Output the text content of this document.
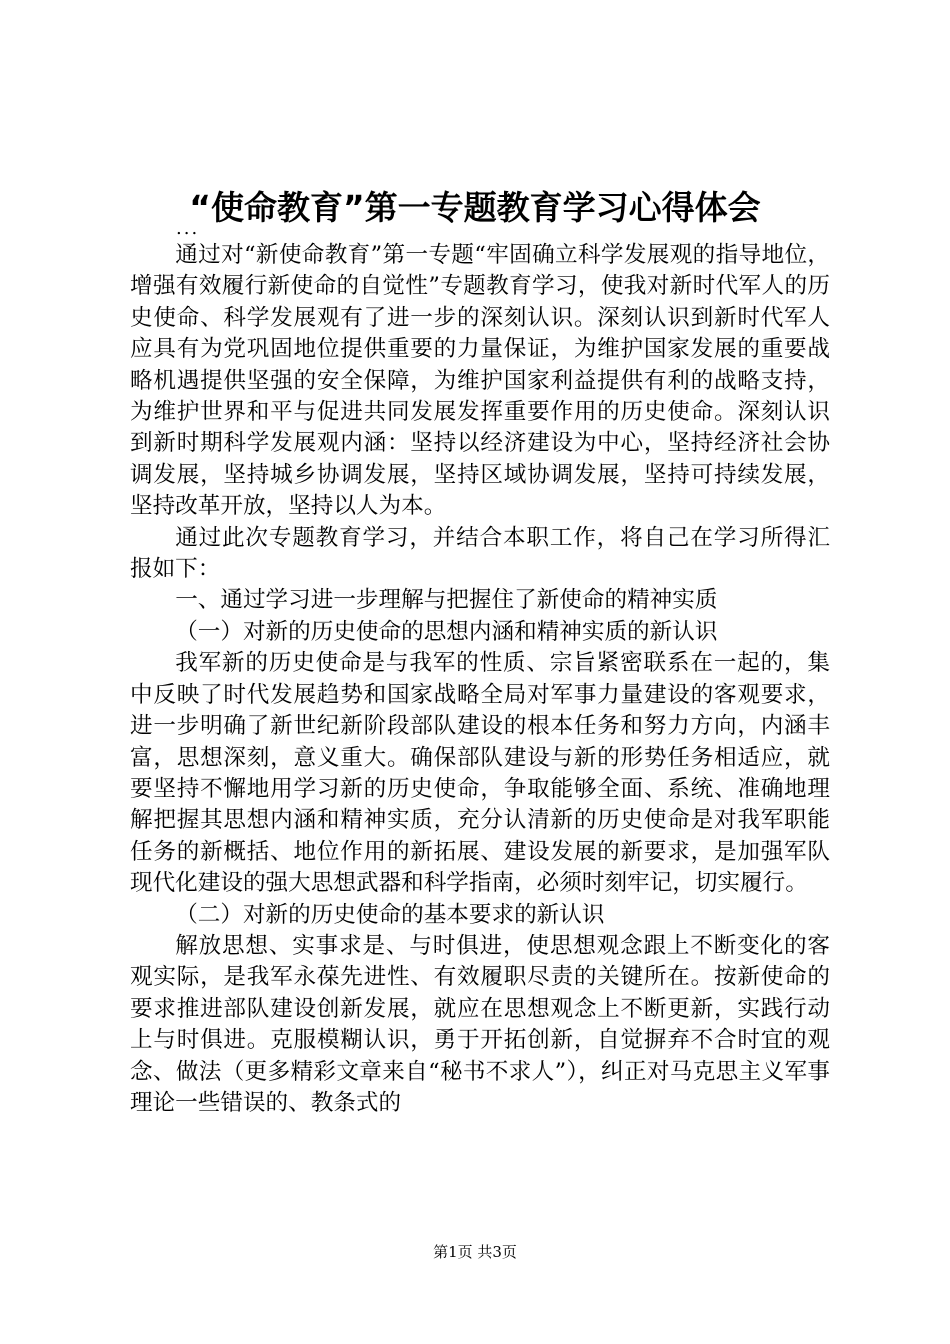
“使命教育”第一专题教育学习心得体会
...

通过对“新使命教育”第一专题“牢固确立科学发展观的指导地位，增强有效履行新使命的自觉性”专题教育学习，使我对新时代军人的历史使命、科学发展观有了进一步的深刻认识。深刻认识到新时代军人应具有为党巩固地位提供重要的力量保证，为维护国家发展的重要战略机遇提供坚强的安全保障，为维护国家利益提供有利的战略支持，为维护世界和平与促进共同发展发挥重要作用的历史使命。深刻认识到新时期科学发展观内涵：坚持以经济建设为中心，坚持经济社会协调发展，坚持城乡协调发展，坚持区域协调发展，坚持可持续发展，坚持改革开放，坚持以人为本。

通过此次专题教育学习，并结合本职工作，将自己在学习所得汇报如下：

一、通过学习进一步理解与把握住了新使命的精神实质

（一）对新的历史使命的思想内涵和精神实质的新认识

我军新的历史使命是与我军的性质、宗旨紧密联系在一起的，集中反映了时代发展趋势和国家战略全局对军事力量建设的客观要求，进一步明确了新世纪新阶段部队建设的根本任务和努力方向，内涵丰富，思想深刻，意义重大。确保部队建设与新的形势任务相适应，就要坚持不懈地用学习新的历史使命，争取能够全面、系统、准确地理解把握其思想内涵和精神实质，充分认清新的历史使命是对我军职能任务的新概括、地位作用的新拓展、建设发展的新要求，是加强军队现代化建设的强大思想武器和科学指南，必须时刻牢记，切实履行。

（二）对新的历史使命的基本要求的新认识

解放思想、实事求是、与时俱进，使思想观念跟上不断变化的客观实际，是我军永葆先进性、有效履职尽责的关键所在。按新使命的要求推进部队建设创新发展，就应在思想观念上不断更新，实践行动上与时俱进。克服模糊认识，勇于开拓创新，自觉摒弃不合时宜的观念、做法（更多精彩文章来自“秘书不求人”），纠正对马克思主义军事理论一些错误的、教条式的

第1页 共3页
